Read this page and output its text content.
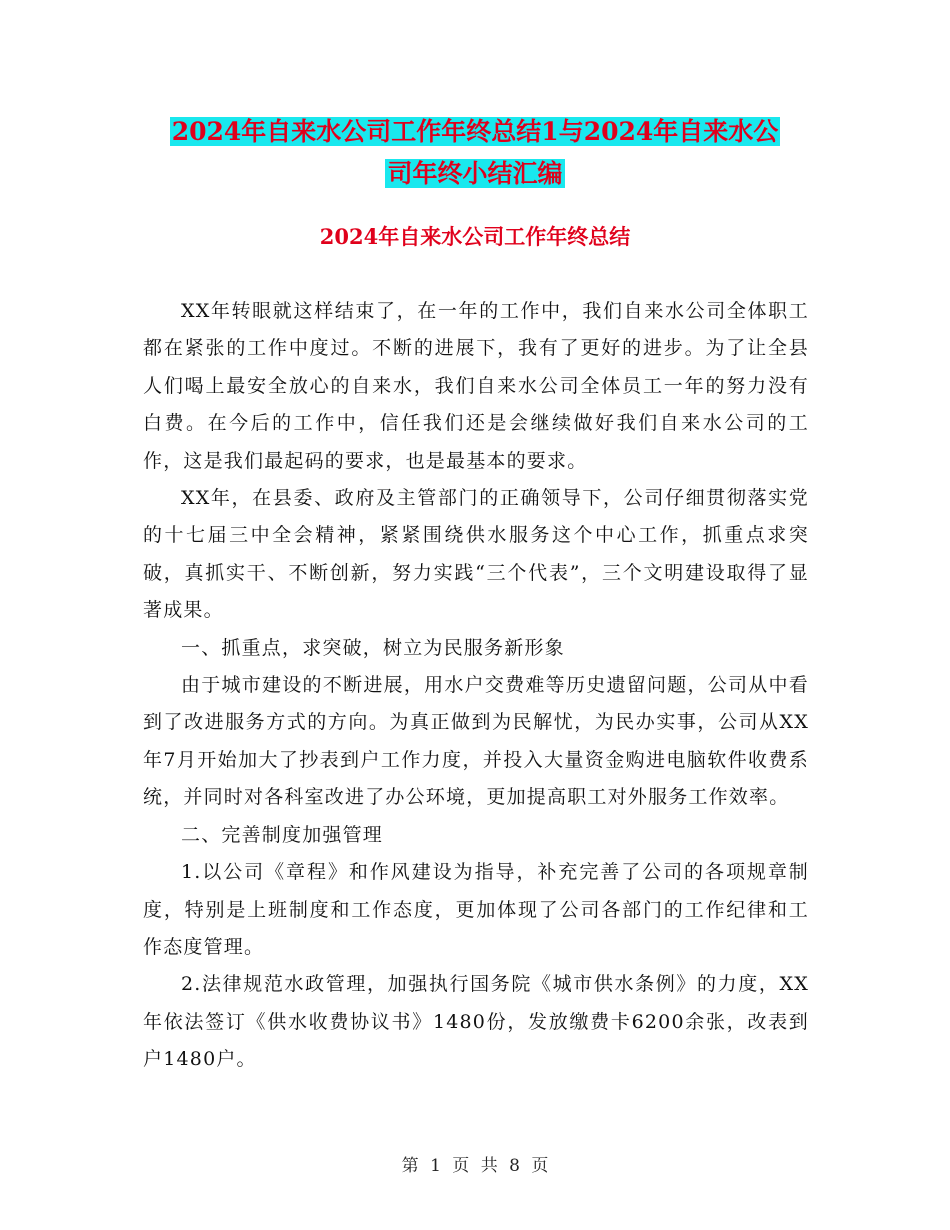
2024年自来水公司工作年终总结1与2024年自来水公
司年终小结汇编
2024年自来水公司工作年终总结

XX年转眼就这样结束了，在一年的工作中，我们自来水公司全体职工都在紧张的工作中度过。不断的进展下，我有了更好的进步。为了让全县人们喝上最安全放心的自来水，我们自来水公司全体员工一年的努力没有白费。在今后的工作中，信任我们还是会继续做好我们自来水公司的工作，这是我们最起码的要求，也是最基本的要求。

XX年，在县委、政府及主管部门的正确领导下，公司仔细贯彻落实党的十七届三中全会精神，紧紧围绕供水服务这个中心工作，抓重点求突破，真抓实干、不断创新，努力实践“三个代表”，三个文明建设取得了显著成果。

一、抓重点，求突破，树立为民服务新形象

由于城市建设的不断进展，用水户交费难等历史遗留问题，公司从中看到了改进服务方式的方向。为真正做到为民解忧，为民办实事，公司从XX年7月开始加大了抄表到户工作力度，并投入大量资金购进电脑软件收费系统，并同时对各科室改进了办公环境，更加提高职工对外服务工作效率。

二、完善制度加强管理

1.以公司《章程》和作风建设为指导，补充完善了公司的各项规章制度，特别是上班制度和工作态度，更加体现了公司各部门的工作纪律和工作态度管理。

2.法律规范水政管理，加强执行国务院《城市供水条例》的力度，XX年依法签订《供水收费协议书》1480份，发放缴费卡6200余张，改表到户1480户。

第 1 页 共 8 页
